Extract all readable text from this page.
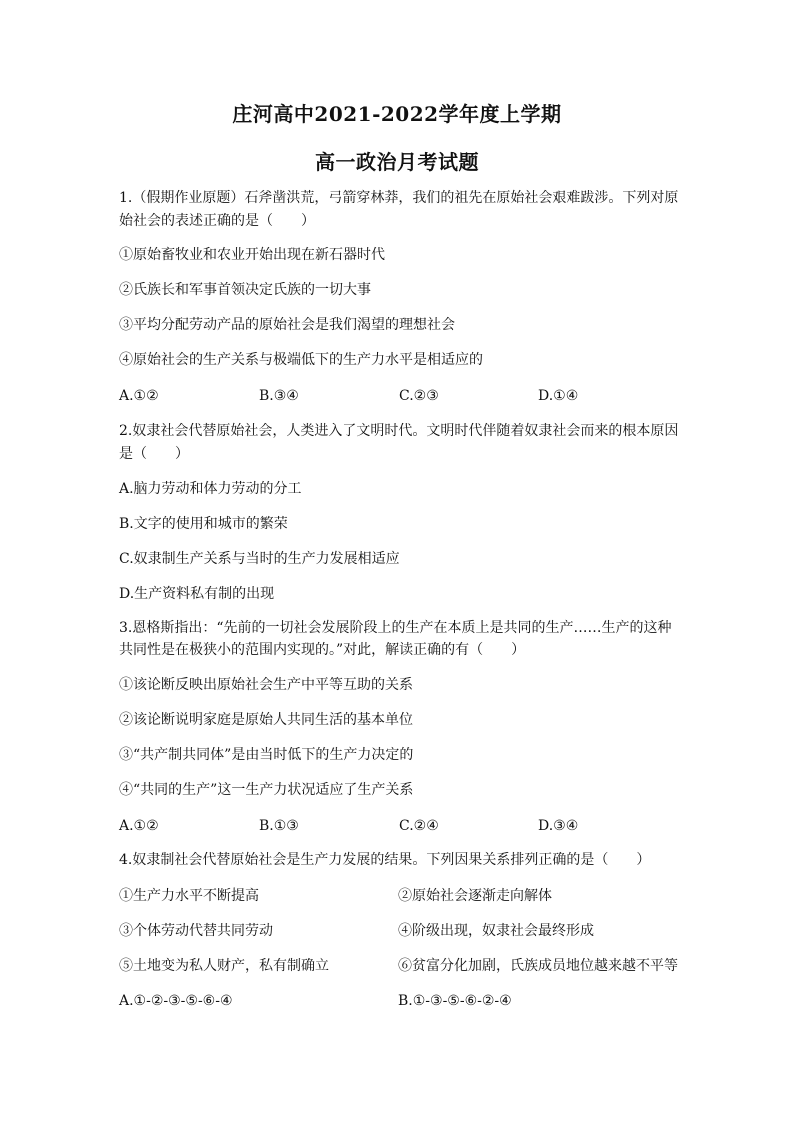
庄河高中2021-2022学年度上学期
高一政治月考试题
1.（假期作业原题）石斧凿洪荒，弓箭穿林莽，我们的祖先在原始社会艰难跋涉。下列对原
始社会的表述正确的是（　　）
①原始畜牧业和农业开始出现在新石器时代
②氏族长和军事首领决定氏族的一切大事
③平均分配劳动产品的原始社会是我们渴望的理想社会
④原始社会的生产关系与极端低下的生产力水平是相适应的
A.①②	B.③④	C.②③	D.①④
2.奴隶社会代替原始社会，人类进入了文明时代。文明时代伴随着奴隶社会而来的根本原因
是（　　）
A.脑力劳动和体力劳动的分工
B.文字的使用和城市的繁荣
C.奴隶制生产关系与当时的生产力发展相适应
D.生产资料私有制的出现
3.恩格斯指出：“先前的一切社会发展阶段上的生产在本质上是共同的生产……生产的这种
共同性是在极狭小的范围内实现的。”对此，解读正确的有（　　）
①该论断反映出原始社会生产中平等互助的关系
②该论断说明家庭是原始人共同生活的基本单位
③“共产制共同体”是由当时低下的生产力决定的
④“共同的生产”这一生产力状况适应了生产关系
A.①②	B.①③	C.②④	D.③④
4.奴隶制社会代替原始社会是生产力发展的结果。下列因果关系排列正确的是（　　）
①生产力水平不断提高	②原始社会逐渐走向解体
③个体劳动代替共同劳动	④阶级出现，奴隶社会最终形成
⑤土地变为私人财产，私有制确立	⑥贫富分化加剧，氏族成员地位越来越不平等
A.①-②-③-⑤-⑥-④	B.①-③-⑤-⑥-②-④
